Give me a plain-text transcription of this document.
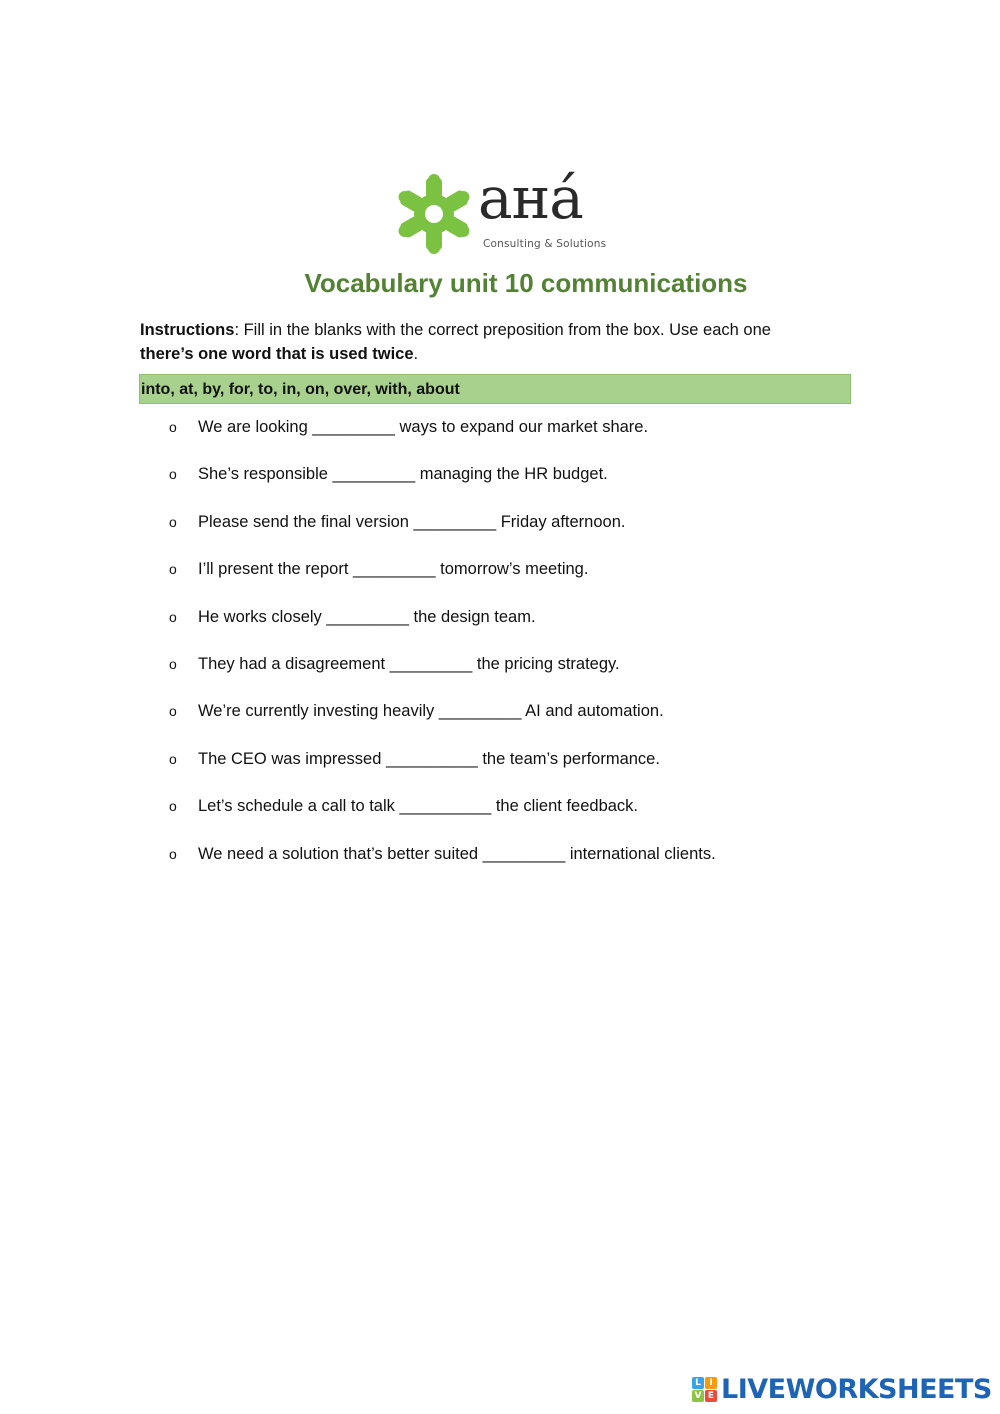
aнá
Consulting & Solutions
Vocabulary unit 10 communications
Instructions: Fill in the blanks with the correct preposition from the box. Use each one
there’s one word that is used twice.
into, at, by, for, to, in, on, over, with, about
o We are looking _________ ways to expand our market share.
o She’s responsible _________ managing the HR budget.
o Please send the final version _________ Friday afternoon.
o I’ll present the report _________ tomorrow’s meeting.
o He works closely _________ the design team.
o They had a disagreement _________ the pricing strategy.
o We’re currently investing heavily _________ AI and automation.
o The CEO was impressed __________ the team’s performance.
o Let’s schedule a call to talk __________ the client feedback.
o We need a solution that’s better suited _________ international clients.
L I
V E LIVEWORKSHEETS
